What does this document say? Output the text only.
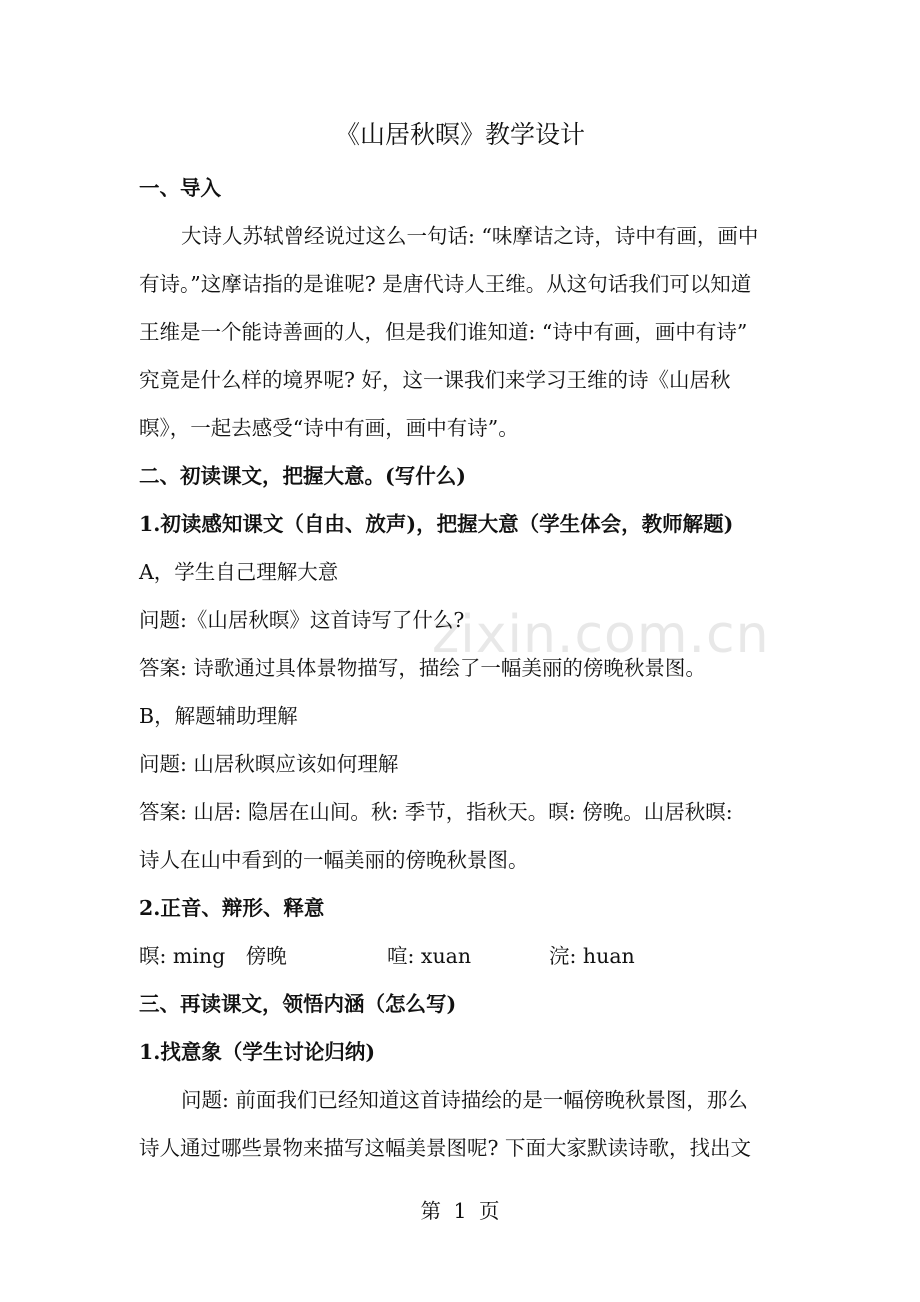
《山居秋暝》教学设计
zixin.com.cn
一、导入
大诗人苏轼曾经说过这么一句话: “味摩诘之诗，诗中有画，画中
有诗。”这摩诘指的是谁呢? 是唐代诗人王维。从这句话我们可以知道
王维是一个能诗善画的人，但是我们谁知道: “诗中有画，画中有诗”
究竟是什么样的境界呢? 好，这一课我们来学习王维的诗《山居秋
暝》，一起去感受“诗中有画，画中有诗”。
二、初读课文，把握大意。(写什么)
1.初读感知课文（自由、放声)，把握大意（学生体会，教师解题)
A，学生自己理解大意
问题:《山居秋暝》这首诗写了什么?
答案: 诗歌通过具体景物描写，描绘了一幅美丽的傍晚秋景图。
B，解题辅助理解
问题: 山居秋暝应该如何理解
答案: 山居: 隐居在山间。秋: 季节，指秋天。暝: 傍晚。山居秋暝:
诗人在山中看到的一幅美丽的傍晚秋景图。
2.正音、辩形、释意
暝: ming　傍晚	喧: xuan	浣: huan
三、再读课文，领悟内涵（怎么写)
1.找意象（学生讨论归纳)
问题: 前面我们已经知道这首诗描绘的是一幅傍晚秋景图，那么
诗人通过哪些景物来描写这幅美景图呢? 下面大家默读诗歌，找出文
第 1 页
